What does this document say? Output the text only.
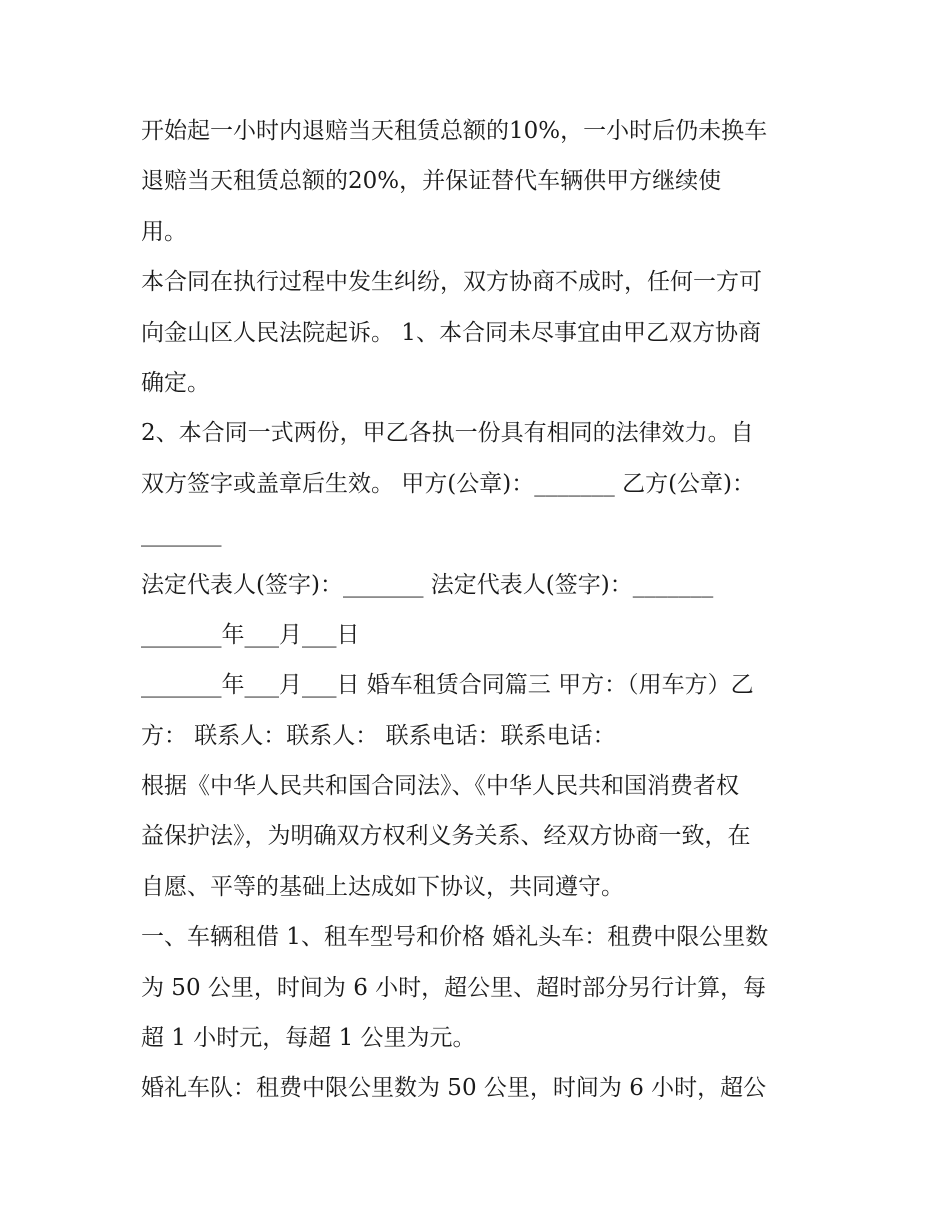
开始起一小时内退赔当天租赁总额的10%，一小时后仍未换车
退赔当天租赁总额的20%，并保证替代车辆供甲方继续使
用。
本合同在执行过程中发生纠纷，双方协商不成时，任何一方可
向金山区人民法院起诉。 1、本合同未尽事宜由甲乙双方协商
确定。
2、本合同一式两份，甲乙各执一份具有相同的法律效力。自
双方签字或盖章后生效。 甲方(公章)：_______ 乙方(公章)：
_______
法定代表人(签字)：_______ 法定代表人(签字)：_______
_______年___月___日
_______年___月___日 婚车租赁合同篇三 甲方：（用车方）乙
方： 联系人：联系人： 联系电话：联系电话：
根据《中华人民共和国合同法》、《中华人民共和国消费者权
益保护法》，为明确双方权利义务关系、经双方协商一致，在
自愿、平等的基础上达成如下协议，共同遵守。
一、车辆租借 1、租车型号和价格 婚礼头车：租费中限公里数
为 50 公里，时间为 6 小时，超公里、超时部分另行计算，每
超 1 小时元，每超 1 公里为元。
婚礼车队：租费中限公里数为 50 公里，时间为 6 小时，超公
